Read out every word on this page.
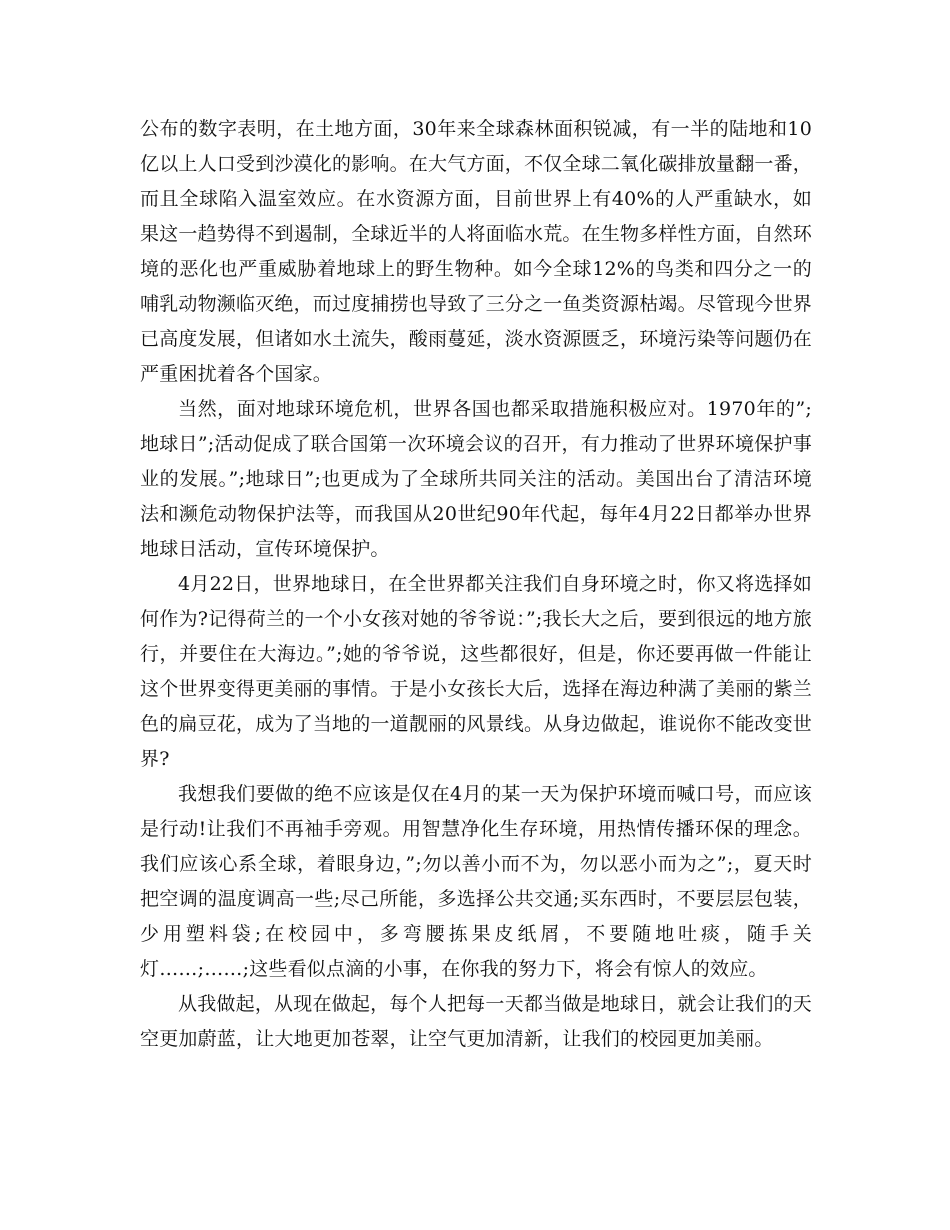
公布的数字表明，在土地方面，30年来全球森林面积锐减，有一半的陆地和10亿以上人口受到沙漠化的影响。在大气方面，不仅全球二氧化碳排放量翻一番，而且全球陷入温室效应。在水资源方面，目前世界上有40%的人严重缺水，如果这一趋势得不到遏制，全球近半的人将面临水荒。在生物多样性方面，自然环境的恶化也严重威胁着地球上的野生物种。如今全球12%的鸟类和四分之一的哺乳动物濒临灭绝，而过度捕捞也导致了三分之一鱼类资源枯竭。尽管现今世界已高度发展，但诸如水土流失，酸雨蔓延，淡水资源匮乏，环境污染等问题仍在严重困扰着各个国家。

当然，面对地球环境危机，世界各国也都采取措施积极应对。1970年的”;地球日”;活动促成了联合国第一次环境会议的召开，有力推动了世界环境保护事业的发展。”;地球日”;也更成为了全球所共同关注的活动。美国出台了清洁环境法和濒危动物保护法等，而我国从20世纪90年代起，每年4月22日都举办世界地球日活动，宣传环境保护。

4月22日，世界地球日，在全世界都关注我们自身环境之时，你又将选择如何作为?记得荷兰的一个小女孩对她的爷爷说：”;我长大之后，要到很远的地方旅行，并要住在大海边。”;她的爷爷说，这些都很好，但是，你还要再做一件能让这个世界变得更美丽的事情。于是小女孩长大后，选择在海边种满了美丽的紫兰色的扁豆花，成为了当地的一道靓丽的风景线。从身边做起，谁说你不能改变世界?

我想我们要做的绝不应该是仅在4月的某一天为保护环境而喊口号，而应该是行动!让我们不再袖手旁观。用智慧净化生存环境，用热情传播环保的理念。我们应该心系全球，着眼身边，”;勿以善小而不为，勿以恶小而为之”;，夏天时把空调的温度调高一些;尽己所能，多选择公共交通;买东西时，不要层层包装，少用塑料袋;在校园中，多弯腰拣果皮纸屑，不要随地吐痰，随手关灯……;……;这些看似点滴的小事，在你我的努力下，将会有惊人的效应。

从我做起，从现在做起，每个人把每一天都当做是地球日，就会让我们的天空更加蔚蓝，让大地更加苍翠，让空气更加清新，让我们的校园更加美丽。
